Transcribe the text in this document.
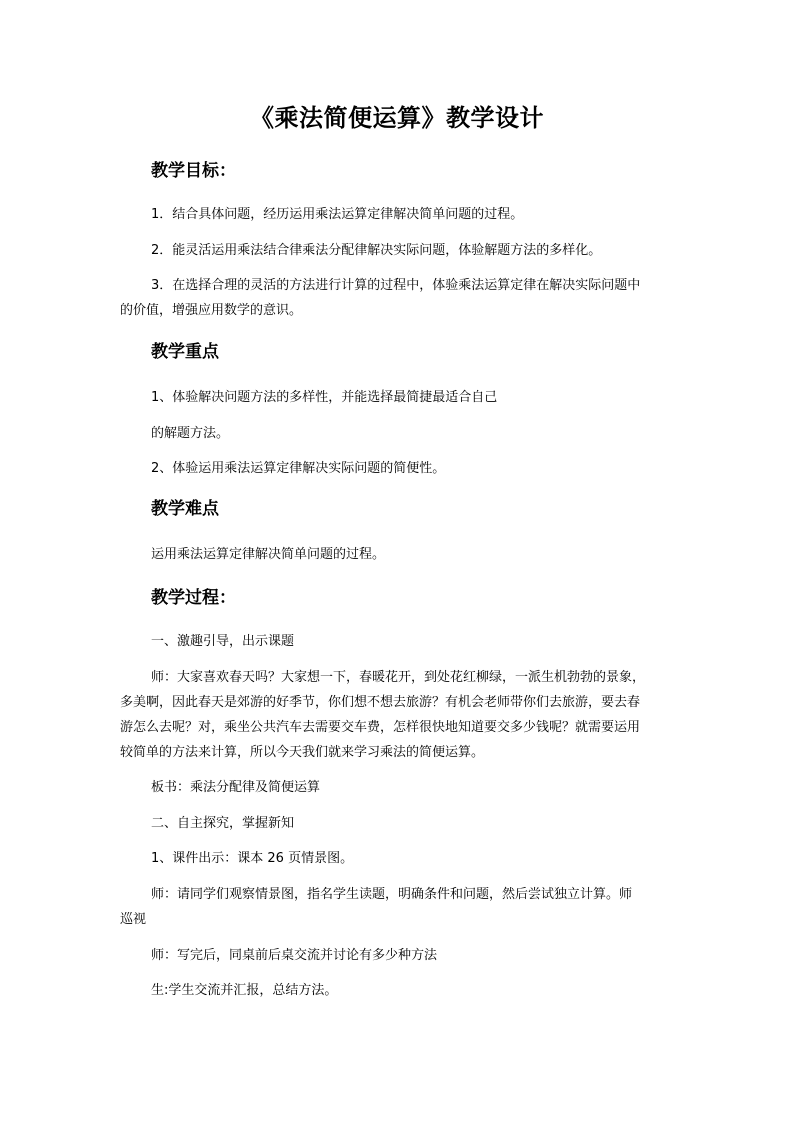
《乘法简便运算》教学设计
教学目标：
1．结合具体问题，经历运用乘法运算定律解决简单问题的过程。
2．能灵活运用乘法结合律乘法分配律解决实际问题，体验解题方法的多样化。
3．在选择合理的灵活的方法进行计算的过程中，体验乘法运算定律在解决实际问题中
的价值，增强应用数学的意识。
教学重点
1、体验解决问题方法的多样性，并能选择最简捷最适合自己
的解题方法。
2、体验运用乘法运算定律解决实际问题的简便性。
教学难点
运用乘法运算定律解决简单问题的过程。
教学过程：
一、激趣引导，出示课题
师：大家喜欢春天吗？大家想一下，春暖花开，到处花红柳绿，一派生机勃勃的景象，
多美啊，因此春天是郊游的好季节，你们想不想去旅游？有机会老师带你们去旅游，要去春
游怎么去呢？对，乘坐公共汽车去需要交车费，怎样很快地知道要交多少钱呢？就需要运用
较简单的方法来计算，所以今天我们就来学习乘法的简便运算。
板书：乘法分配律及简便运算
二、自主探究，掌握新知
1、课件出示：课本 26 页情景图。
师：请同学们观察情景图，指名学生读题，明确条件和问题，然后尝试独立计算。师
巡视
师：写完后，同桌前后桌交流并讨论有多少种方法
生:学生交流并汇报，总结方法。
